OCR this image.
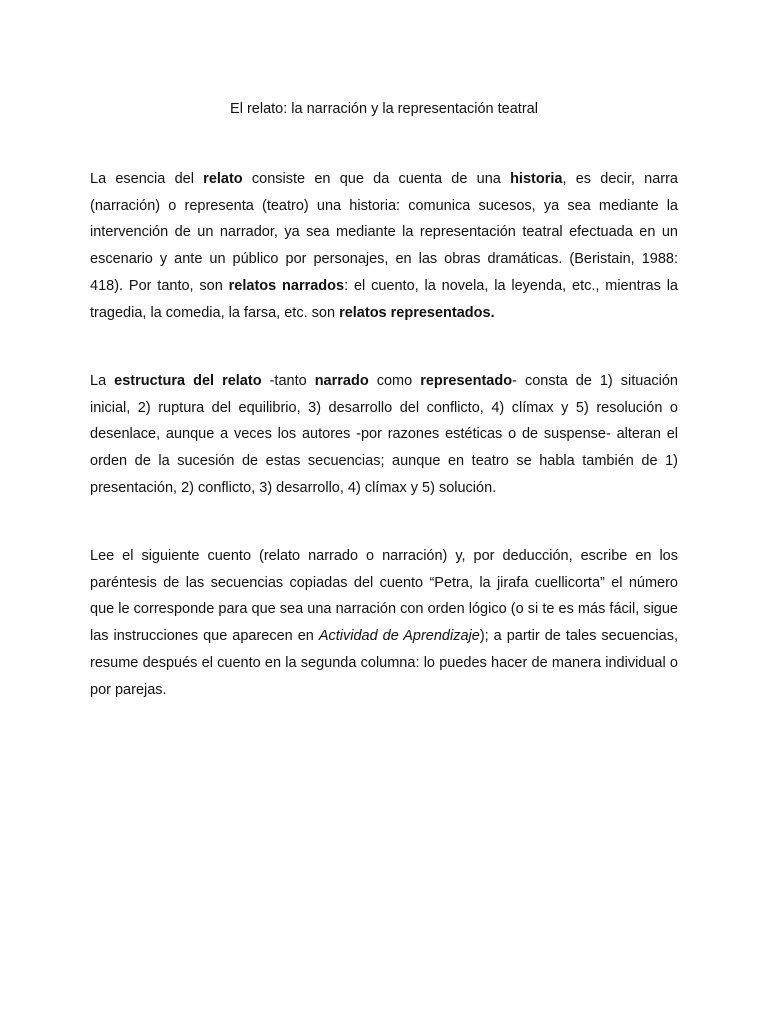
El relato: la narración y la representación teatral

La esencia del relato consiste en que da cuenta de una historia, es decir, narra (narración) o representa (teatro) una historia: comunica sucesos, ya sea mediante la intervención de un narrador, ya sea mediante la representación teatral efectuada en un escenario y ante un público por personajes, en las obras dramáticas. (Beristain, 1988: 418). Por tanto, son relatos narrados: el cuento, la novela, la leyenda, etc., mientras la tragedia, la comedia, la farsa, etc. son relatos representados.

La estructura del relato -tanto narrado como representado- consta de 1) situación inicial, 2) ruptura del equilibrio, 3) desarrollo del conflicto, 4) clímax y 5) resolución o desenlace, aunque a veces los autores -por razones estéticas o de suspense- alteran el orden de la sucesión de estas secuencias; aunque en teatro se habla también de 1) presentación, 2) conflicto, 3) desarrollo, 4) clímax y 5) solución.

Lee el siguiente cuento (relato narrado o narración) y, por deducción, escribe en los paréntesis de las secuencias copiadas del cuento “Petra, la jirafa cuellicorta” el número que le corresponde para que sea una narración con orden lógico (o si te es más fácil, sigue las instrucciones que aparecen en Actividad de Aprendizaje); a partir de tales secuencias, resume después el cuento en la segunda columna: lo puedes hacer de manera individual o por parejas.
